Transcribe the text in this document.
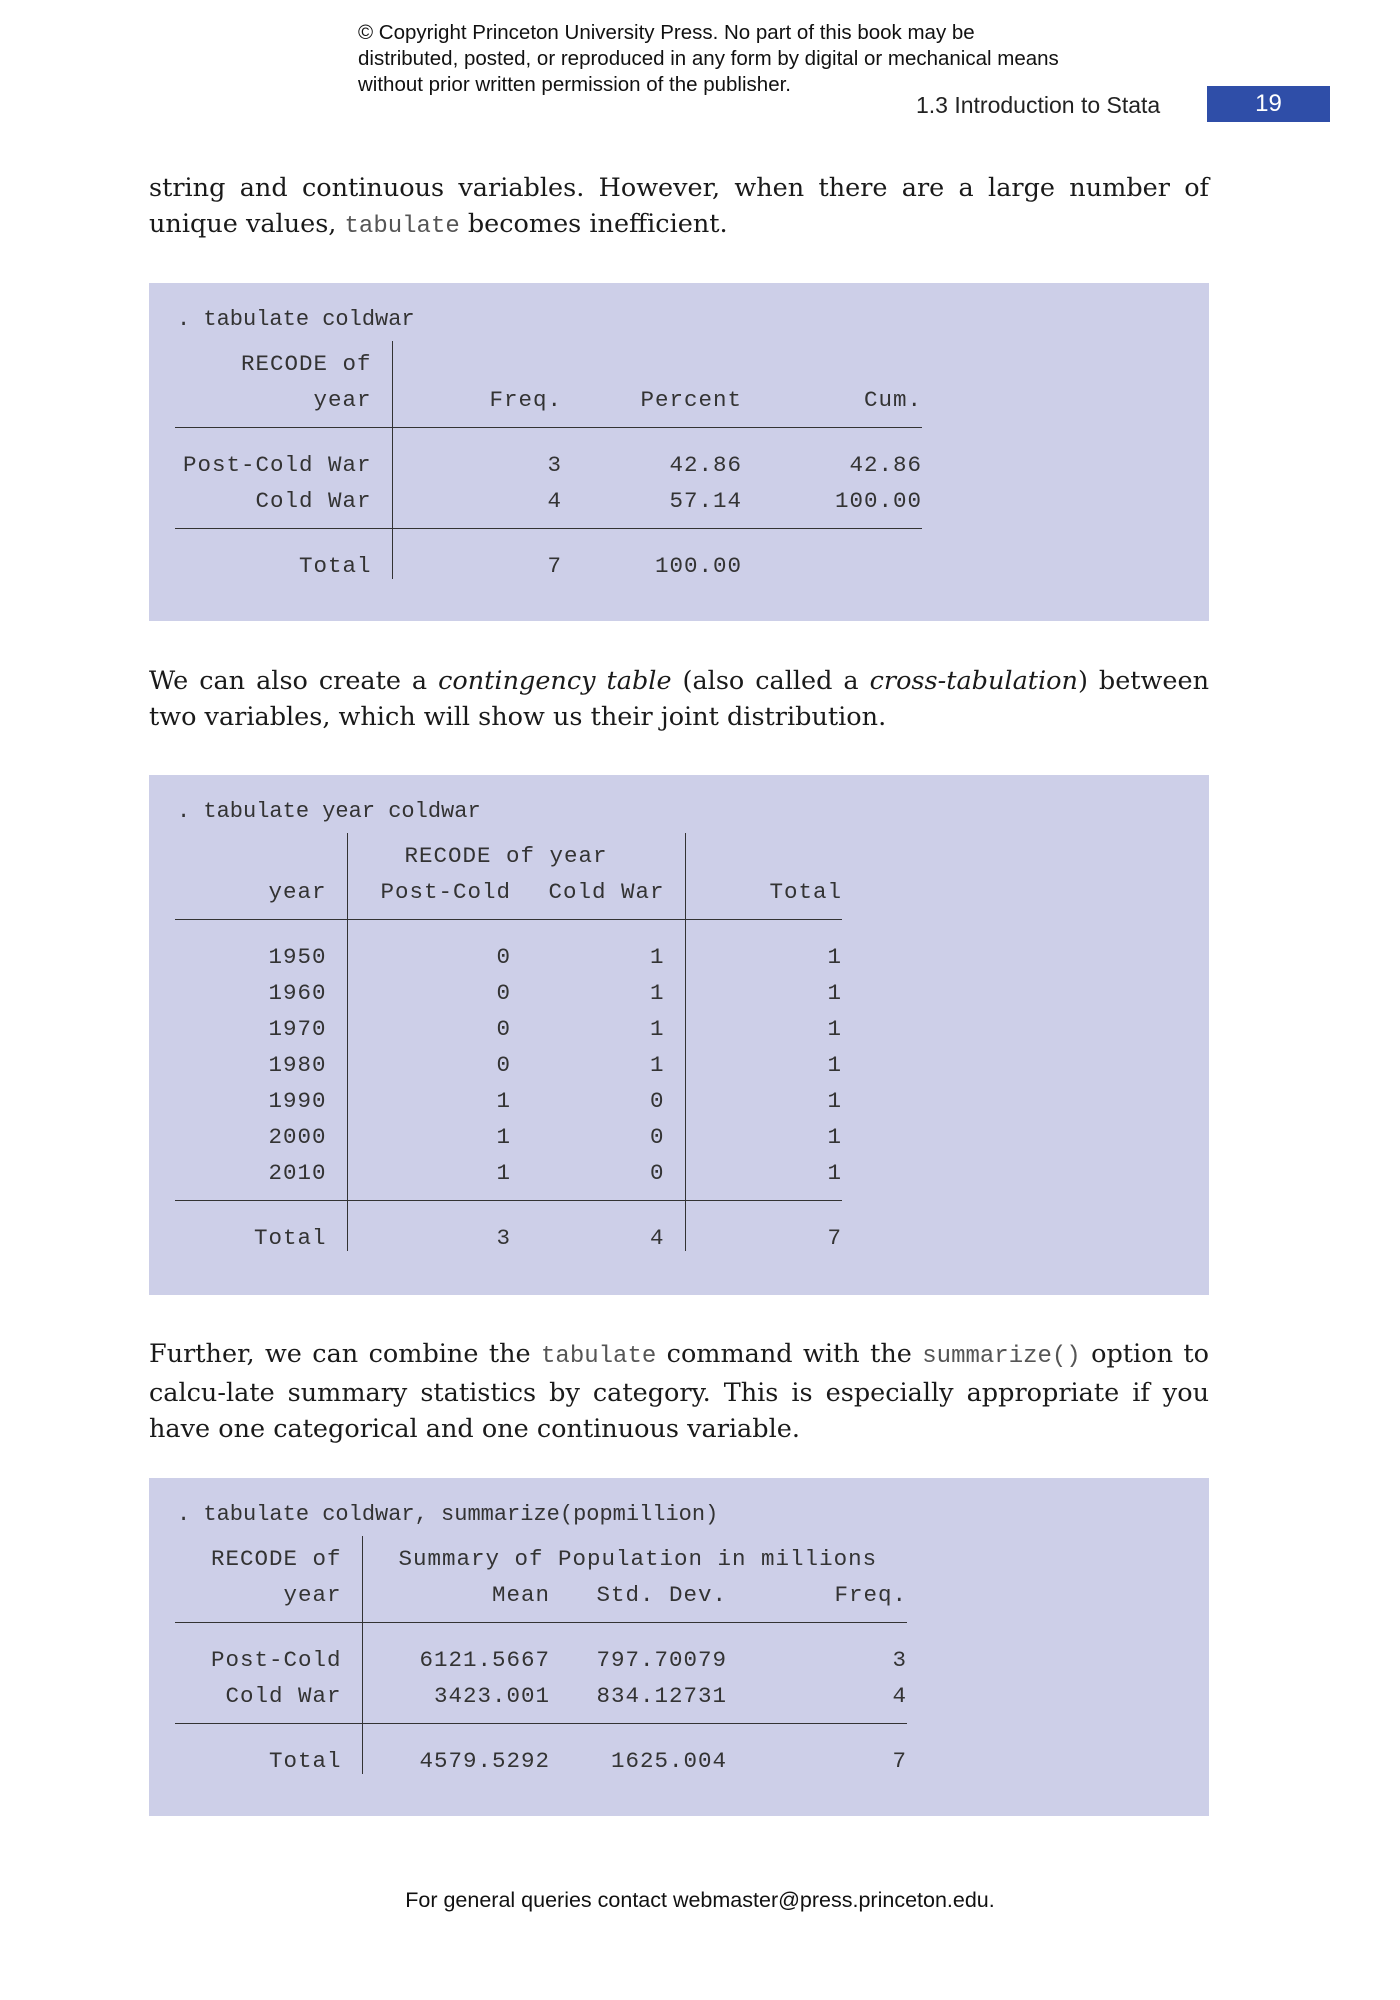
© Copyright Princeton University Press. No part of this book may be distributed, posted, or reproduced in any form by digital or mechanical means without prior written permission of the publisher.
1.3 Introduction to Stata	19

string and continuous variables. However, when there are a large number of unique values, tabulate becomes inefficient.

. tabulate coldwar
RECODE of			
year	Freq.	Percent	Cum.

Post-Cold War	3	42.86	42.86
Cold War	4	57.14	100.00

Total	7	100.00	

We can also create a contingency table (also called a cross-tabulation) between two variables, which will show us their joint distribution.

. tabulate year coldwar
	RECODE of year		
year	Post-Cold	Cold War	Total

1950	0	1	1
1960	0	1	1
1970	0	1	1
1980	0	1	1
1990	1	0	1
2000	1	0	1
2010	1	0	1

Total	3	4	7

Further, we can combine the tabulate command with the summarize() option to calcu-late summary statistics by category. This is especially appropriate if you have one categorical and one continuous variable.

. tabulate coldwar, summarize(popmillion)
RECODE of	Summary of Population in millions		
year	Mean	Std. Dev.	Freq.

Post-Cold	6121.5667	797.70079	3
Cold War	3423.001	834.12731	4

Total	4579.5292	1625.004	7
For general queries contact webmaster@press.princeton.edu.
